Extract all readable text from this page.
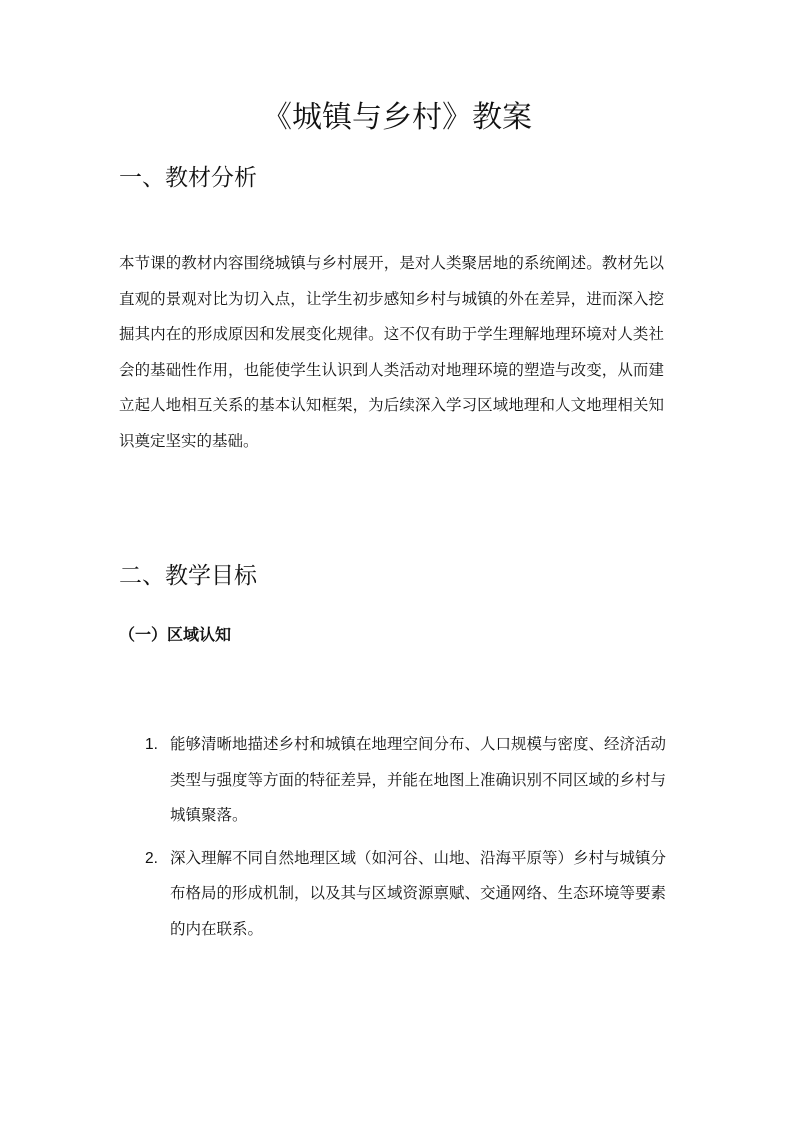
《城镇与乡村》教案
一、教材分析

本节课的教材内容围绕城镇与乡村展开，是对人类聚居地的系统阐述。教材先以直观的景观对比为切入点，让学生初步感知乡村与城镇的外在差异，进而深入挖掘其内在的形成原因和发展变化规律。这不仅有助于学生理解地理环境对人类社会的基础性作用，也能使学生认识到人类活动对地理环境的塑造与改变，从而建立起人地相互关系的基本认知框架，为后续深入学习区域地理和人文地理相关知识奠定坚实的基础。

二、教学目标
（一）区域认知
1. 能够清晰地描述乡村和城镇在地理空间分布、人口规模与密度、经济活动类型与强度等方面的特征差异，并能在地图上准确识别不同区域的乡村与城镇聚落。
2. 深入理解不同自然地理区域（如河谷、山地、沿海平原等）乡村与城镇分布格局的形成机制，以及其与区域资源禀赋、交通网络、生态环境等要素的内在联系。
